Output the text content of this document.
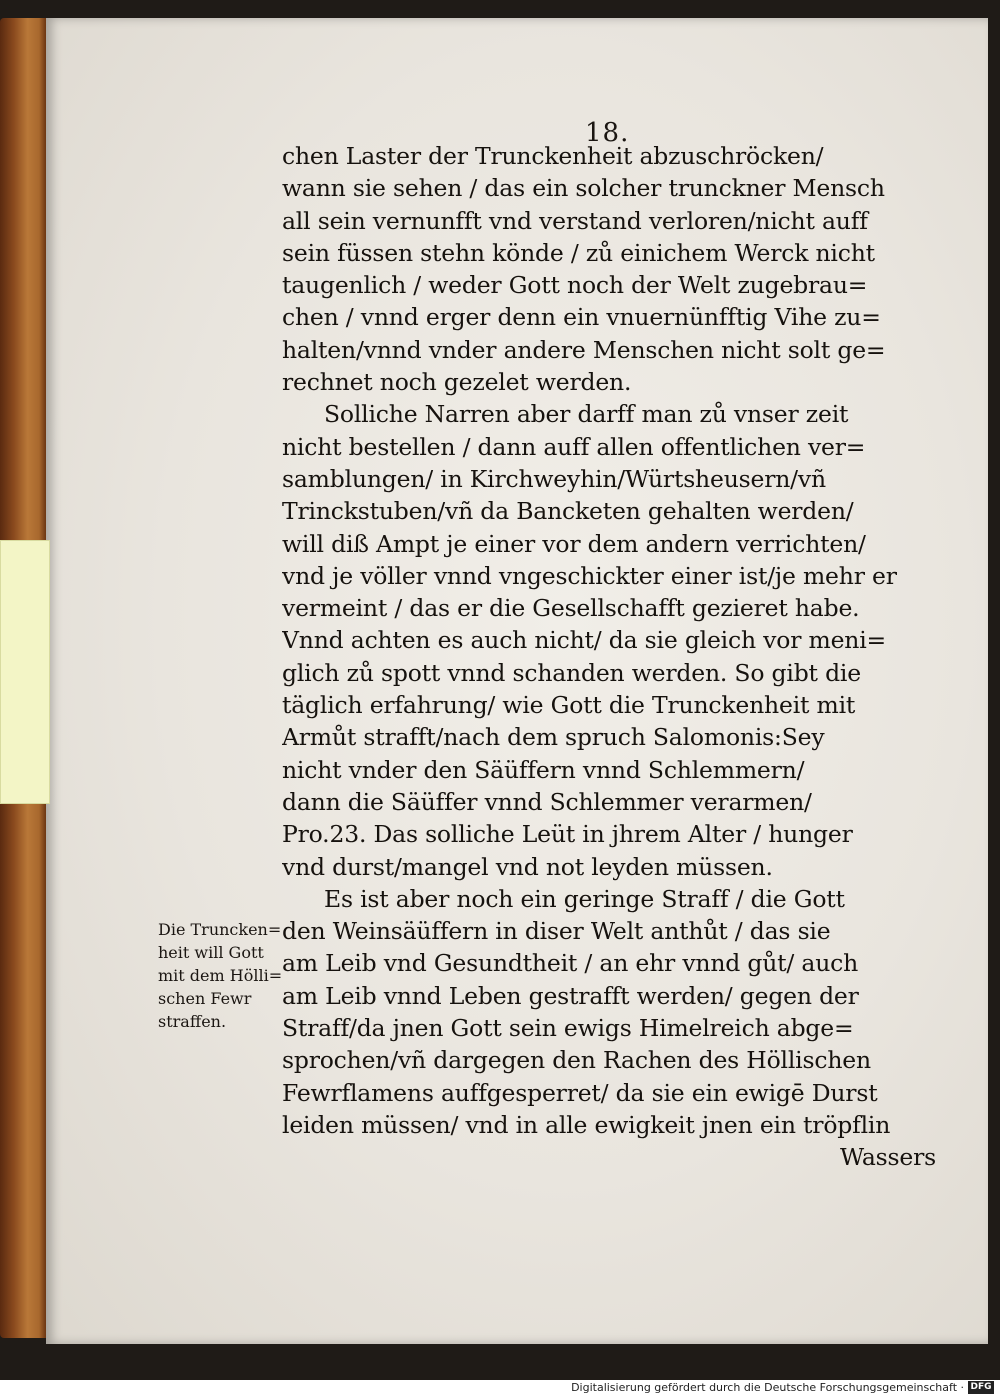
18.
chen Laster der Trunckenheit abzuschröcken/
wann sie sehen / das ein solcher trunckner Mensch
all sein vernunfft vnd verstand verloren/nicht auff
sein füssen stehn könde / zů einichem Werck nicht
taugenlich / weder Gott noch der Welt zugebrau=
chen / vnnd erger denn ein vnuernünfftig Vihe zu=
halten/vnnd vnder andere Menschen nicht solt ge=
rechnet noch gezelet werden.
Solliche Narren aber darff man zů vnser zeit
nicht bestellen / dann auff allen offentlichen ver=
samblungen/ in Kirchweyhin/Würtsheusern/vñ
Trinckstuben/vñ da Bancketen gehalten werden/
will diß Ampt je einer vor dem andern verrichten/
vnd je völler vnnd vngeschickter einer ist/je mehr er
vermeint / das er die Gesellschafft gezieret habe.
Vnnd achten es auch nicht/ da sie gleich vor meni=
glich zů spott vnnd schanden werden. So gibt die
täglich erfahrung/ wie Gott die Trunckenheit mit
Armůt strafft/nach dem spruch Salomonis:Sey
nicht vnder den Säüffern vnnd Schlemmern/
dann die Säüffer vnnd Schlemmer verarmen/
Pro.23. Das solliche Leüt in jhrem Alter / hunger
vnd durst/mangel vnd not leyden müssen.
Es ist aber noch ein geringe Straff / die Gott
den Weinsäüffern in diser Welt anthůt / das sie
am Leib vnd Gesundtheit / an ehr vnnd gůt/ auch
am Leib vnnd Leben gestrafft werden/ gegen der
Straff/da jnen Gott sein ewigs Himelreich abge=
sprochen/vñ dargegen den Rachen des Höllischen
Fewrflamens auffgesperret/ da sie ein ewigē Durst
leiden müssen/ vnd in alle ewigkeit jnen ein tröpflin
Wassers
Die Truncken=
heit will Gott
mit dem Hölli=
schen Fewr
straffen.
Digitalisierung gefördert durch die Deutsche Forschungsgemeinschaft · DFG
